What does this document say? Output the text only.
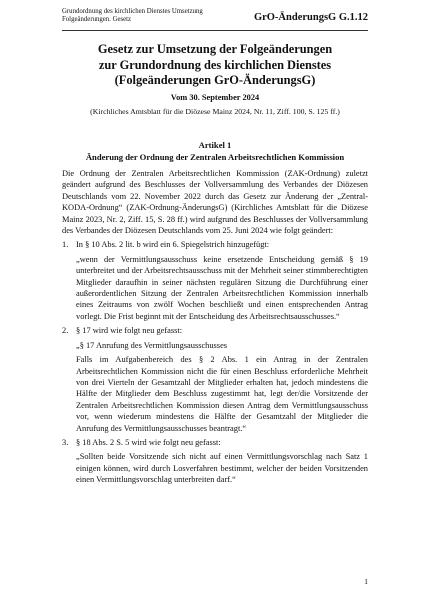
Grundordnung des kirchlichen Dienstes Umsetzung
Folgeänderungen. Gesetz	GrO-ÄnderungsG G.1.12
Gesetz zur Umsetzung der Folgeänderungen
zur Grundordnung des kirchlichen Dienstes
(Folgeänderungen GrO-ÄnderungsG)
Vom 30. September 2024
(Kirchliches Amtsblatt für die Diözese Mainz 2024, Nr. 11, Ziff. 100, S. 125 ff.)
Artikel 1
Änderung der Ordnung der Zentralen Arbeitsrechtlichen Kommission

Die Ordnung der Zentralen Arbeitsrechtlichen Kommission (ZAK-Ordnung) zuletzt geändert aufgrund des Beschlusses der Vollversammlung des Verbandes der Diözesen Deutschlands vom 22. November 2022 durch das Gesetz zur Änderung der „Zentral-KODA-Ordnung“ (ZAK-Ordnung-ÄnderungsG) (Kirchliches Amtsblatt für die Diözese Mainz 2023, Nr. 2, Ziff. 15, S. 28 ff.) wird aufgrund des Beschlusses der Vollversammlung des Verbandes der Diözesen Deutschlands vom 25. Juni 2024 wie folgt geändert:

1. In § 10 Abs. 2 lit. b wird ein 6. Spiegelstrich hinzugefügt:

„wenn der Vermittlungsausschuss keine ersetzende Entscheidung gemäß § 19 unterbreitet und der Arbeitsrechtsausschuss mit der Mehrheit seiner stimmberechtigten Mitglieder daraufhin in seiner nächsten regulären Sitzung die Durchführung einer außerordentlichen Sitzung der Zentralen Arbeitsrechtlichen Kommission innerhalb eines Zeitraums von zwölf Wochen beschließt und einen entsprechenden Antrag vorlegt. Die Frist beginnt mit der Entscheidung des Arbeitsrechtsausschusses.“

2. § 17 wird wie folgt neu gefasst:

„§ 17 Anrufung des Vermittlungsausschusses

Falls im Aufgabenbereich des § 2 Abs. 1 ein Antrag in der Zentralen Arbeitsrechtlichen Kommission nicht die für einen Beschluss erforderliche Mehrheit von drei Vierteln der Gesamtzahl der Mitglieder erhalten hat, jedoch mindestens die Hälfte der Mitglieder dem Beschluss zugestimmt hat, legt der/die Vorsitzende der Zentralen Arbeitsrechtlichen Kommission diesen Antrag dem Vermittlungsausschuss vor, wenn wiederum mindestens die Hälfte der Gesamtzahl der Mitglieder die Anrufung des Vermittlungsausschusses beantragt.“

3. § 18 Abs. 2 S. 5 wird wie folgt neu gefasst:

„Sollten beide Vorsitzende sich nicht auf einen Vermittlungsvorschlag nach Satz 1 einigen können, wird durch Losverfahren bestimmt, welcher der beiden Vorsitzenden einen Vermittlungsvorschlag unterbreiten darf.“

1
